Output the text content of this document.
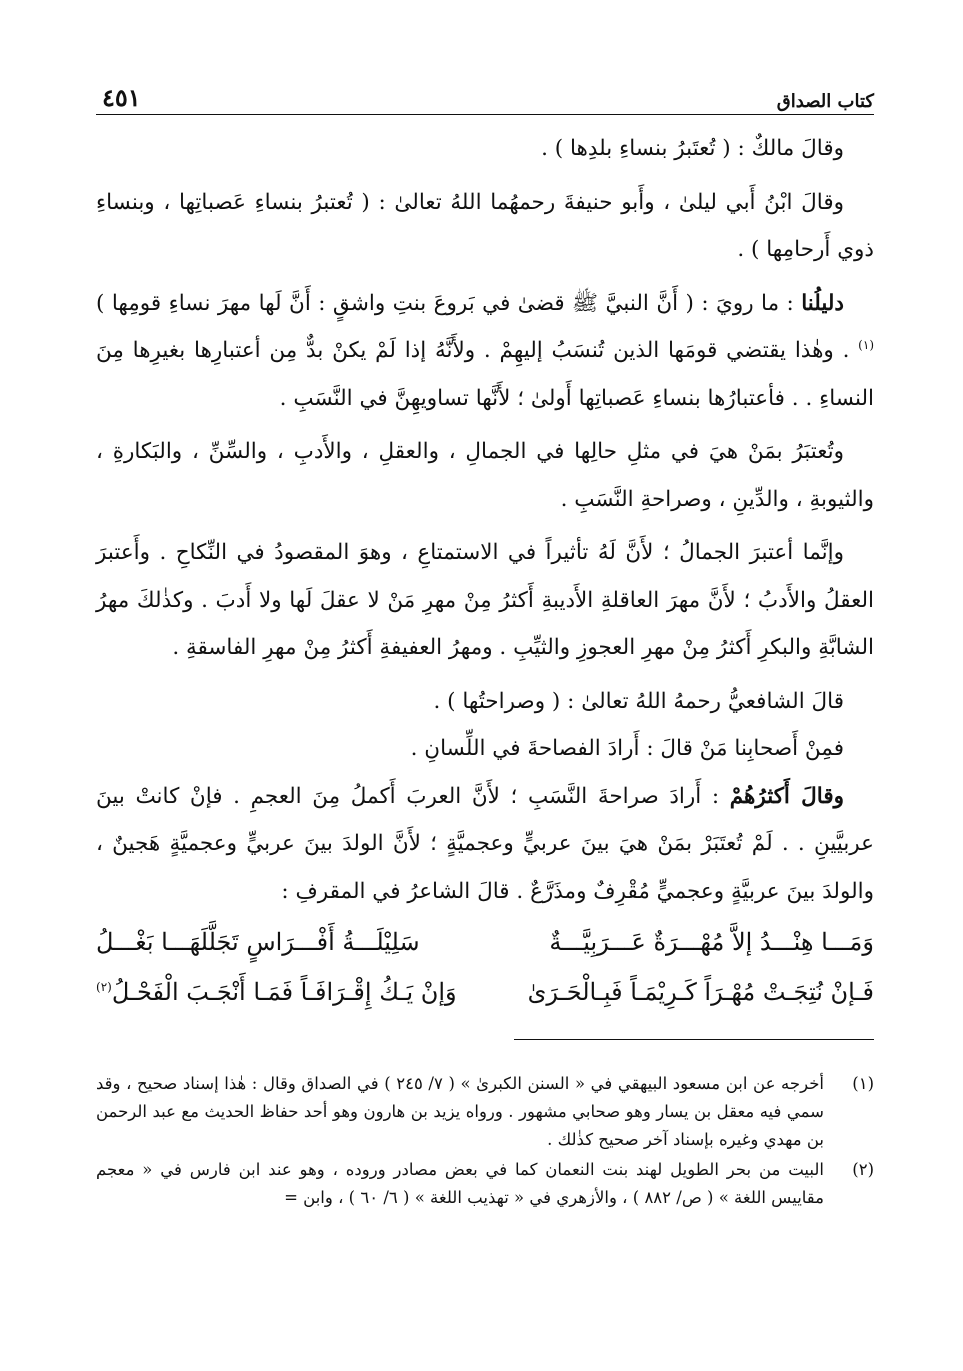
كتاب الصداق
٤٥١

وقالَ مالكٌ : ( تُعتَبرُ بنساءِ بلدِها ) .

وقالَ ابْنُ أَبي ليلىٰ ، وأَبو حنيفةَ رحمهُما اللهُ تعالىٰ : ( تُعتبرُ بنساءِ عَصباتِها ، وبنساءِ ذوي أَرحامِها ) .

دليلُنا : ما رويَ : ( أَنَّ النبيَّ ﷺ قضىٰ في بَروعَ بنتِ واشقٍ : أَنَّ لَها مهرَ نساءِ قومِها )$^{(١)}$ . وهٰذا يقتضي قومَها الذين تُنسَبُ إليهِمْ . ولأَنَّهُ إذا لَمْ يكنْ بدٌّ مِن أعتبارِها بغيرِها مِنَ النساءِ . . فأعتبارُها بنساءِ عَصباتِها أَولىٰ ؛ لأَنَّها تساويهِنَّ في النَّسَبِ .

وتُعتبَرُ بمَنْ هيَ في مثلِ حالِها في الجمالِ ، والعقلِ ، والأَدبِ ، والسِّنِّ ، والبَكارةِ ، والثيوبةِ ، والدِّينِ ، وصراحةِ النَّسَبِ .

وإنَّما أعتبرَ الجمالُ ؛ لأَنَّ لَهُ تأثيراً في الاستمتاعِ ، وهوَ المقصودُ في النِّكاحِ . وأَعتبرَ العقلُ والأَدبُ ؛ لأَنَّ مهرَ العاقلةِ الأَديبةِ أَكثرُ مِنْ مهرِ مَنْ لا عقلَ لَها ولا أَدبَ . وكذٰلكَ مهرُ الشابَّةِ والبكرِ أَكثرُ مِنْ مهرِ العجوزِ والثيِّبِ . ومهرُ العفيفةِ أَكثرُ مِنْ مهرِ الفاسقةِ .

قالَ الشافعيُّ رحمهُ اللهُ تعالىٰ : ( وصراحتُها ) .

فمِنْ أَصحابِنا مَنْ قالَ : أَرادَ الفصاحةَ في اللِّسانِ .

وقالَ أَكثرُهُمْ : أَرادَ صراحةَ النَّسَبِ ؛ لأَنَّ العربَ أَكملُ مِنَ العجمِ . فإنْ كانتْ بينَ عربيَّينِ . . لَمْ تُعتَبَرْ بمَنْ هيَ بينَ عربيٍّ وعجميَّةٍ ؛ لأَنَّ الولدَ بينَ عربيٍّ وعجميَّةٍ هَجينٌ ، والولدَ بينَ عربيَّةٍ وعجميٍّ مُقْرِفٌ ومذَرَّعٌ . قالَ الشاعرُ في المقرفِ :

وَمَـــا هِنْـــدُ إلاَّ مُهْـــرَةٌ عَـــرَبِيَّـــةٌ
سَلِيْلَـــةُ أَفْـــرَاسٍ تَجَلَّلَهَـــا بَغْـــلُ
فَـإنْ نُتِجَـتْ مُهْـرَاً كَـرِيْمَـاً فَبِـالْحَـرَىٰ
وَإنْ يَـكُ إِقْـرَافَـاً فَمَـا أَنْجَـبَ الْفَحْـلُ$^{(٢)}$
(١)
أخرجه عن ابن مسعود البيهقي في « السنن الكبرىٰ » ( ٧/ ٢٤٥ ) في الصداق وقال : هٰذا إسناد صحيح ، وقد سمي فيه معقل بن يسار وهو صحابي مشهور . ورواه يزيد بن هارون وهو أحد حفاظ الحديث مع عبد الرحمن بن مهدي وغيره بإسناد آخر صحيح كذٰلك .
(٢)
البيت من بحر الطويل لهند بنت النعمان كما في بعض مصادر وروده ، وهو عند ابن فارس في « معجم مقاييس اللغة » ( ص/ ٨٨٢ ) ، والأزهري في « تهذيب اللغة » ( ٦/ ٦٠ ) ، وابن =
